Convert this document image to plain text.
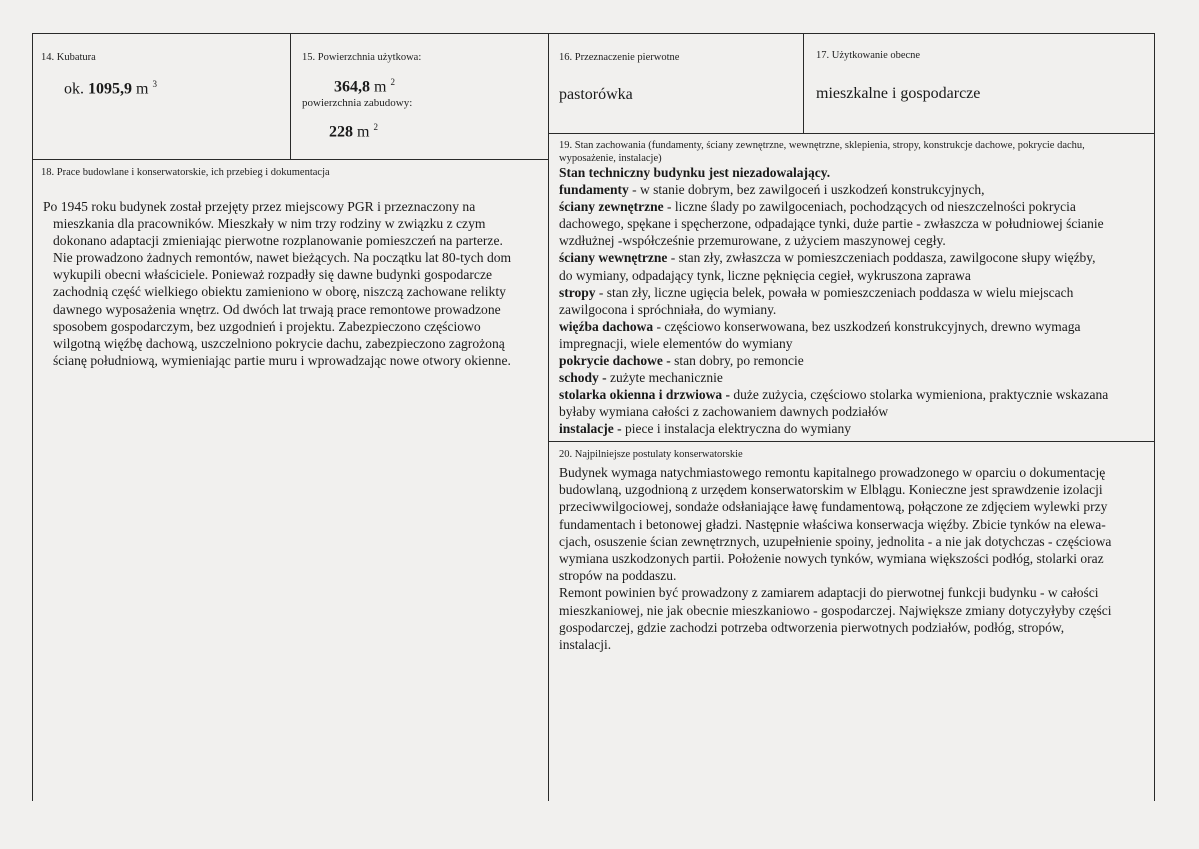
14. Kubatura
ok. 1095,9 m $^3$
15. Powierzchnia użytkowa:
364,8 m $^2$
powierzchnia zabudowy:
228 m $^2$
16. Przeznaczenie pierwotne
pastorówka
17. Użytkowanie obecne
mieszkalne i gospodarcze
18. Prace budowlane i konserwatorskie, ich przebieg i dokumentacja
Po 1945 roku budynek został przejęty przez miejscowy PGR i przeznaczony na
mieszkania dla pracowników. Mieszkały w nim trzy rodziny w związku z czym
dokonano adaptacji zmieniając pierwotne rozplanowanie pomieszczeń na parterze.
Nie prowadzono żadnych remontów, nawet bieżących. Na początku lat 80-tych dom
wykupili obecni właściciele. Ponieważ rozpadły się dawne budynki gospodarcze
zachodnią część wielkiego obiektu zamieniono w oborę, niszczą zachowane relikty
dawnego wyposażenia wnętrz. Od dwóch lat trwają prace remontowe prowadzone
sposobem gospodarczym, bez uzgodnień i projektu. Zabezpieczono częściowo
wilgotną więźbę dachową, uszczelniono pokrycie dachu, zabezpieczono zagrożoną
ścianę południową, wymieniając partie muru i wprowadzając nowe otwory okienne.
19. Stan zachowania (fundamenty, ściany zewnętrzne, wewnętrzne, sklepienia, stropy, konstrukcje dachowe, pokrycie dachu,
wyposażenie, instalacje)
Stan techniczny budynku jest niezadowalający.
fundamenty - w stanie dobrym, bez zawilgoceń i uszkodzeń konstrukcyjnych,
ściany zewnętrzne - liczne ślady po zawilgoceniach, pochodzących od nieszczelności pokrycia
dachowego, spękane i spęcherzone, odpadające tynki, duże partie - zwłaszcza w południowej ścianie
wzdłużnej -współcześnie przemurowane, z użyciem maszynowej cegły.
ściany wewnętrzne - stan zły, zwłaszcza w pomieszczeniach poddasza, zawilgocone słupy więźby,
do wymiany, odpadający tynk, liczne pęknięcia cegieł, wykruszona zaprawa
stropy - stan zły, liczne ugięcia belek, powała w pomieszczeniach poddasza w wielu miejscach
zawilgocona i spróchniała, do wymiany.
więźba dachowa - częściowo konserwowana, bez uszkodzeń konstrukcyjnych, drewno wymaga
impregnacji, wiele elementów do wymiany
pokrycie dachowe - stan dobry, po remoncie
schody - zużyte mechanicznie
stolarka okienna i drzwiowa - duże zużycia, częściowo stolarka wymieniona, praktycznie wskazana
byłaby wymiana całości z zachowaniem dawnych podziałów
instalacje - piece i instalacja elektryczna do wymiany
20. Najpilniejsze postulaty konserwatorskie
Budynek wymaga natychmiastowego remontu kapitalnego prowadzonego w oparciu o dokumentację
budowlaną, uzgodnioną z urzędem konserwatorskim w Elblągu. Konieczne jest sprawdzenie izolacji
przeciwwilgociowej, sondaże odsłaniające ławę fundamentową, połączone ze zdjęciem wylewki przy
fundamentach i betonowej gładzi. Następnie właściwa konserwacja więźby. Zbicie tynków na elewa-
cjach, osuszenie ścian zewnętrznych, uzupełnienie spoiny, jednolita - a nie jak dotychczas - częściowa
wymiana uszkodzonych partii. Położenie nowych tynków, wymiana większości podłóg, stolarki oraz
stropów na poddaszu.
Remont powinien być prowadzony z zamiarem adaptacji do pierwotnej funkcji budynku - w całości
mieszkaniowej, nie jak obecnie mieszkaniowo - gospodarczej. Największe zmiany dotyczyłyby części
gospodarczej, gdzie zachodzi potrzeba odtworzenia pierwotnych podziałów, podłóg, stropów,
instalacji.
